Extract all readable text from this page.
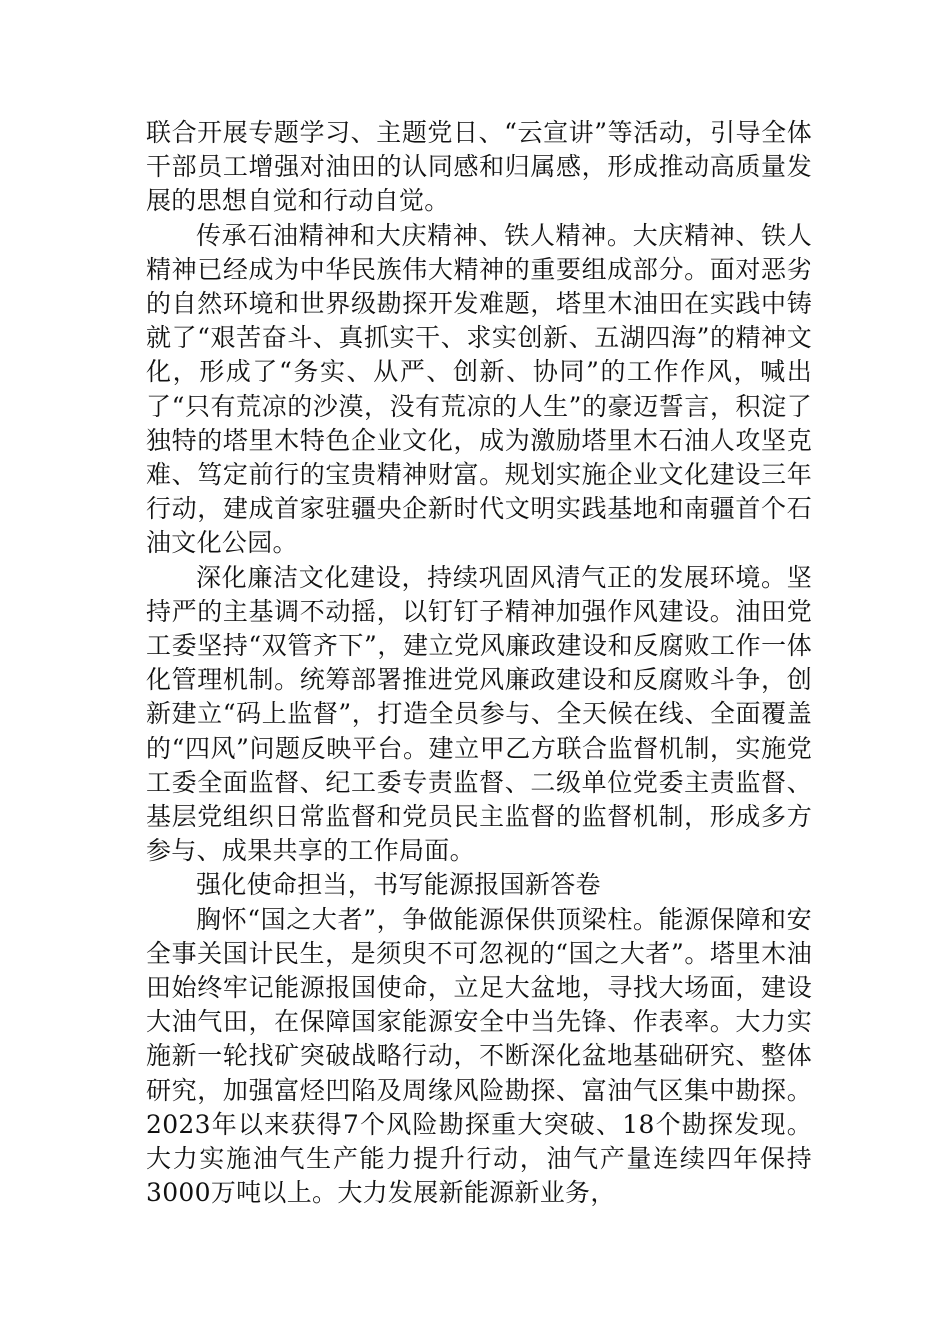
联合开展专题学习、主题党日、“云宣讲”等活动，引导全体干部员工增强对油田的认同感和归属感，形成推动高质量发展的思想自觉和行动自觉。

传承石油精神和大庆精神、铁人精神。大庆精神、铁人精神已经成为中华民族伟大精神的重要组成部分。面对恶劣的自然环境和世界级勘探开发难题，塔里木油田在实践中铸就了“艰苦奋斗、真抓实干、求实创新、五湖四海”的精神文化，形成了“务实、从严、创新、协同”的工作作风，喊出了“只有荒凉的沙漠，没有荒凉的人生”的豪迈誓言，积淀了独特的塔里木特色企业文化，成为激励塔里木石油人攻坚克难、笃定前行的宝贵精神财富。规划实施企业文化建设三年行动，建成首家驻疆央企新时代文明实践基地和南疆首个石油文化公园。

深化廉洁文化建设，持续巩固风清气正的发展环境。坚持严的主基调不动摇，以钉钉子精神加强作风建设。油田党工委坚持“双管齐下”，建立党风廉政建设和反腐败工作一体化管理机制。统筹部署推进党风廉政建设和反腐败斗争，创新建立“码上监督”，打造全员参与、全天候在线、全面覆盖的“四风”问题反映平台。建立甲乙方联合监督机制，实施党工委全面监督、纪工委专责监督、二级单位党委主责监督、基层党组织日常监督和党员民主监督的监督机制，形成多方参与、成果共享的工作局面。

强化使命担当，书写能源报国新答卷

胸怀“国之大者”，争做能源保供顶梁柱。能源保障和安全事关国计民生，是须臾不可忽视的“国之大者”。塔里木油田始终牢记能源报国使命，立足大盆地，寻找大场面，建设大油气田，在保障国家能源安全中当先锋、作表率。大力实施新一轮找矿突破战略行动，不断深化盆地基础研究、整体研究，加强富烃凹陷及周缘风险勘探、富油气区集中勘探。2023年以来获得7个风险勘探重大突破、18个勘探发现。大力实施油气生产能力提升行动，油气产量连续四年保持3000万吨以上。大力发展新能源新业务，
